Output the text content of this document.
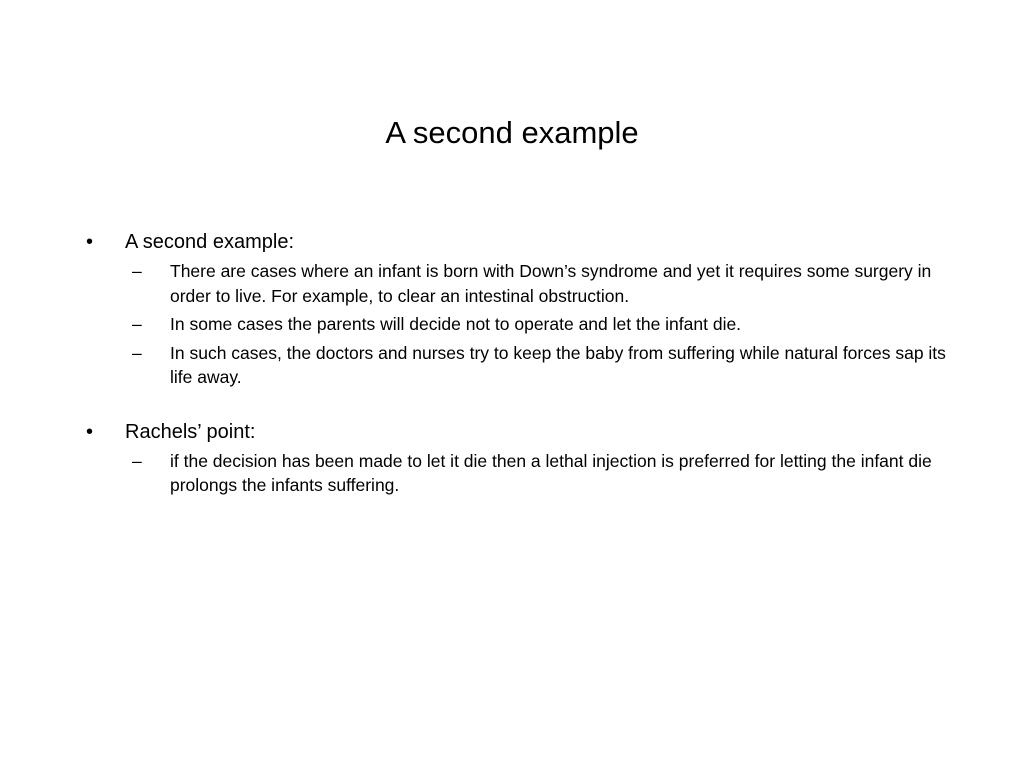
A second example
•	A second example:
– There are cases where an infant is born with Down’s syndrome and yet it requires some surgery in order to live. For example, to clear an intestinal obstruction.
– In some cases the parents will decide not to operate and let the infant die.
– In such cases, the doctors and nurses try to keep the baby from suffering while natural forces sap its life away.
•	Rachels’ point:
– if the decision has been made to let it die then a lethal injection is preferred for letting the infant die prolongs the infants suffering.
